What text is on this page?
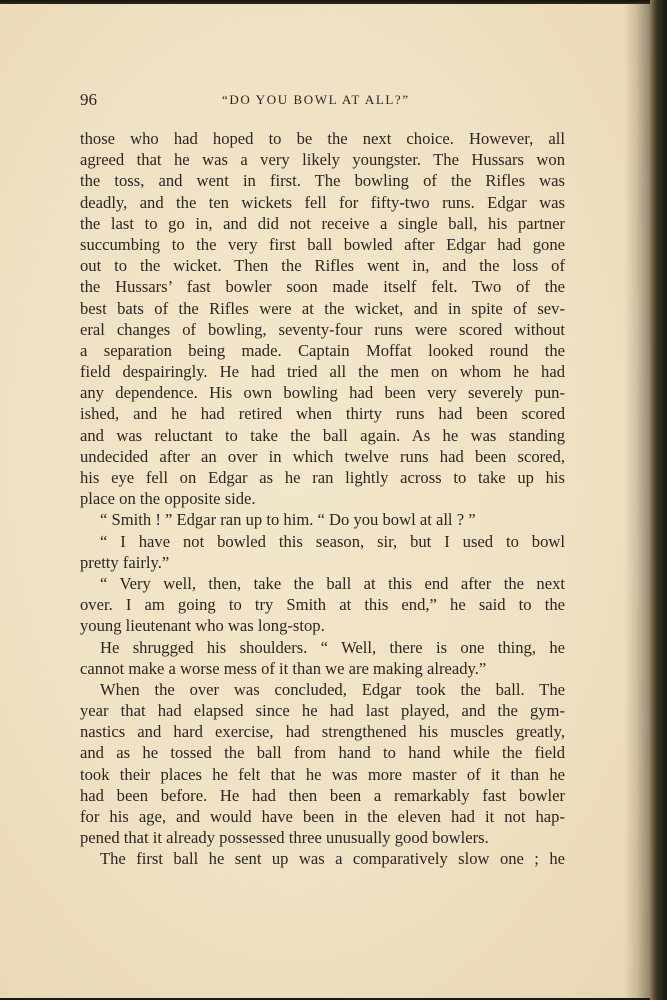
96	“DO YOU BOWL AT ALL?”
those who had hoped to be the next choice. However, all
agreed that he was a very likely youngster. The Hussars won
the toss, and went in first. The bowling of the Rifles was
deadly, and the ten wickets fell for fifty-two runs. Edgar was
the last to go in, and did not receive a single ball, his partner
succumbing to the very first ball bowled after Edgar had gone
out to the wicket. Then the Rifles went in, and the loss of
the Hussars’ fast bowler soon made itself felt. Two of the
best bats of the Rifles were at the wicket, and in spite of sev-
eral changes of bowling, seventy-four runs were scored without
a separation being made. Captain Moffat looked round the
field despairingly. He had tried all the men on whom he had
any dependence. His own bowling had been very severely pun-
ished, and he had retired when thirty runs had been scored
and was reluctant to take the ball again. As he was standing
undecided after an over in which twelve runs had been scored,
his eye fell on Edgar as he ran lightly across to take up his
place on the opposite side.
“ Smith ! ” Edgar ran up to him. “ Do you bowl at all ? ”
“ I have not bowled this season, sir, but I used to bowl
pretty fairly.”
“ Very well, then, take the ball at this end after the next
over. I am going to try Smith at this end,” he said to the
young lieutenant who was long-stop.
He shrugged his shoulders. “ Well, there is one thing, he
cannot make a worse mess of it than we are making already.”
When the over was concluded, Edgar took the ball. The
year that had elapsed since he had last played, and the gym-
nastics and hard exercise, had strengthened his muscles greatly,
and as he tossed the ball from hand to hand while the field
took their places he felt that he was more master of it than he
had been before. He had then been a remarkably fast bowler
for his age, and would have been in the eleven had it not hap-
pened that it already possessed three unusually good bowlers.
The first ball he sent up was a comparatively slow one ; he
